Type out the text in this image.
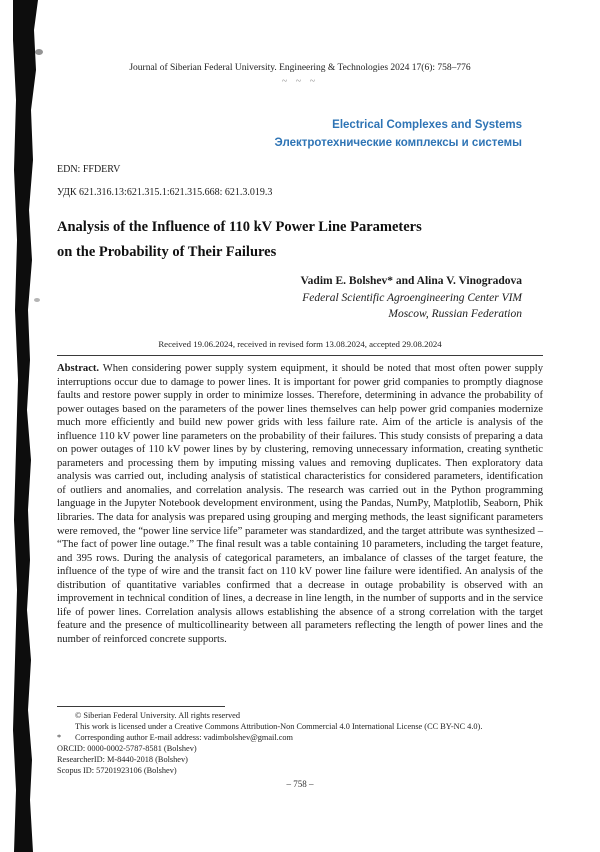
Journal of Siberian Federal University. Engineering & Technologies 2024 17(6): 758–776
~ ~ ~
Electrical Complexes and Systems
Электротехнические комплексы и системы
EDN: FFDERV
УДК 621.316.13:621.315.1:621.315.668: 621.3.019.3
Analysis of the Influence of 110 kV Power Line Parameters
on the Probability of Their Failures
Vadim E. Bolshev* and Alina V. Vinogradova
Federal Scientific Agroengineering Center VIM
Moscow, Russian Federation
Received 19.06.2024, received in revised form 13.08.2024, accepted 29.08.2024
Abstract. When considering power supply system equipment, it should be noted that most often power supply interruptions occur due to damage to power lines. It is important for power grid companies to promptly diagnose faults and restore power supply in order to minimize losses. Therefore, determining in advance the probability of power outages based on the parameters of the power lines themselves can help power grid companies modernize much more efficiently and build new power grids with less failure rate. Aim of the article is analysis of the influence 110 kV power line parameters on the probability of their failures. This study consists of preparing a data on power outages of 110 kV power lines by by clustering, removing unnecessary information, creating synthetic parameters and processing them by imputing missing values and removing duplicates. Then exploratory data analysis was carried out, including analysis of statistical characteristics for considered parameters, identification of outliers and anomalies, and correlation analysis. The research was carried out in the Python programming language in the Jupyter Notebook development environment, using the Pandas, NumPy, Matplotlib, Seaborn, Phik libraries. The data for analysis was prepared using grouping and merging methods, the least significant parameters were removed, the “power line service life” parameter was standardized, and the target attribute was synthesized – “The fact of power line outage.” The final result was a table containing 10 parameters, including the target feature, and 395 rows. During the analysis of categorical parameters, an imbalance of classes of the target feature, the influence of the type of wire and the transit fact on 110 kV power line failure were identified. An analysis of the distribution of quantitative variables confirmed that a decrease in outage probability is observed with an improvement in technical condition of lines, a decrease in line length, in the number of supports and in the service life of power lines. Correlation analysis allows establishing the absence of a strong correlation with the target feature and the presence of multicollinearity between all parameters reflecting the length of power lines and the number of reinforced concrete supports.
© Siberian Federal University. All rights reserved
This work is licensed under a Creative Commons Attribution-Non Commercial 4.0 International License (CC BY-NC 4.0).
* Corresponding author E-mail address: vadimbolshev@gmail.com
ORCID: 0000-0002-5787-8581 (Bolshev)
ResearcherID: M-8440-2018 (Bolshev)
Scopus ID: 57201923106 (Bolshev)
– 758 –
